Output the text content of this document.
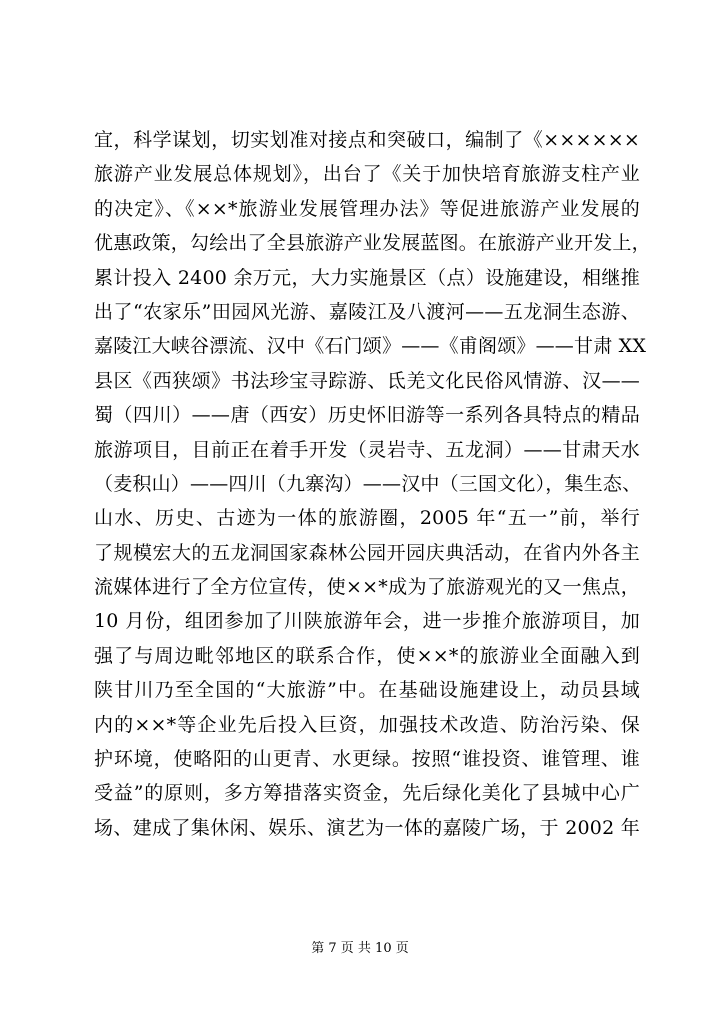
宜，科学谋划，切实划准对接点和突破口，编制了《××××××
旅游产业发展总体规划》，出台了《关于加快培育旅游支柱产业
的决定》、《××*旅游业发展管理办法》等促进旅游产业发展的
优惠政策，勾绘出了全县旅游产业发展蓝图。在旅游产业开发上，
累计投入 2400 余万元，大力实施景区（点）设施建设，相继推
出了“农家乐”田园风光游、嘉陵江及八渡河——五龙洞生态游、
嘉陵江大峡谷漂流、汉中《石门颂》——《甫阁颂》——甘肃 XX
县区《西狭颂》书法珍宝寻踪游、氐羌文化民俗风情游、汉——
蜀（四川）——唐（西安）历史怀旧游等一系列各具特点的精品
旅游项目，目前正在着手开发（灵岩寺、五龙洞）——甘肃天水
（麦积山）——四川（九寨沟）——汉中（三国文化），集生态、
山水、历史、古迹为一体的旅游圈，2005 年“五一”前，举行
了规模宏大的五龙洞国家森林公园开园庆典活动，在省内外各主
流媒体进行了全方位宣传，使××*成为了旅游观光的又一焦点，
10 月份，组团参加了川陕旅游年会，进一步推介旅游项目，加
强了与周边毗邻地区的联系合作，使××*的旅游业全面融入到
陕甘川乃至全国的“大旅游”中。在基础设施建设上，动员县域
内的××*等企业先后投入巨资，加强技术改造、防治污染、保
护环境，使略阳的山更青、水更绿。按照“谁投资、谁管理、谁
受益”的原则，多方筹措落实资金，先后绿化美化了县城中心广
场、建成了集休闲、娱乐、演艺为一体的嘉陵广场，于 2002 年
第 7 页 共 10 页
